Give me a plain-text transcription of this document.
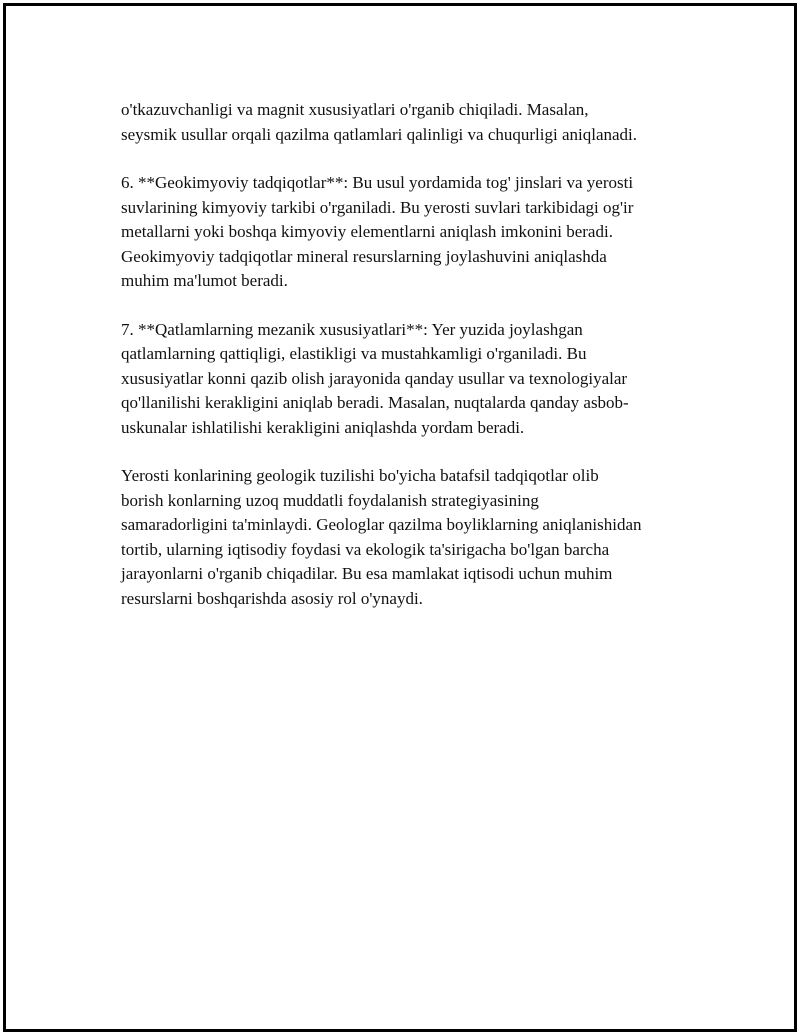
o'tkazuvchanligi va magnit xususiyatlari o'rganib chiqiladi. Masalan,
seysmik usullar orqali qazilma qatlamlari qalinligi va chuqurligi aniqlanadi.

6. **Geokimyoviy tadqiqotlar**: Bu usul yordamida tog' jinslari va yerosti
suvlarining kimyoviy tarkibi o'rganiladi. Bu yerosti suvlari tarkibidagi og'ir
metallarni yoki boshqa kimyoviy elementlarni aniqlash imkonini beradi.
Geokimyoviy tadqiqotlar mineral resurslarning joylashuvini aniqlashda
muhim ma'lumot beradi.

7. **Qatlamlarning mezanik xususiyatlari**: Yer yuzida joylashgan
qatlamlarning qattiqligi, elastikligi va mustahkamligi o'rganiladi. Bu
xususiyatlar konni qazib olish jarayonida qanday usullar va texnologiyalar
qo'llanilishi kerakligini aniqlab beradi. Masalan, nuqtalarda qanday asbob-
uskunalar ishlatilishi kerakligini aniqlashda yordam beradi.

Yerosti konlarining geologik tuzilishi bo'yicha batafsil tadqiqotlar olib
borish konlarning uzoq muddatli foydalanish strategiyasining
samaradorligini ta'minlaydi. Geologlar qazilma boyliklarning aniqlanishidan
tortib, ularning iqtisodiy foydasi va ekologik ta'sirigacha bo'lgan barcha
jarayonlarni o'rganib chiqadilar. Bu esa mamlakat iqtisodi uchun muhim
resurslarni boshqarishda asosiy rol o'ynaydi.
